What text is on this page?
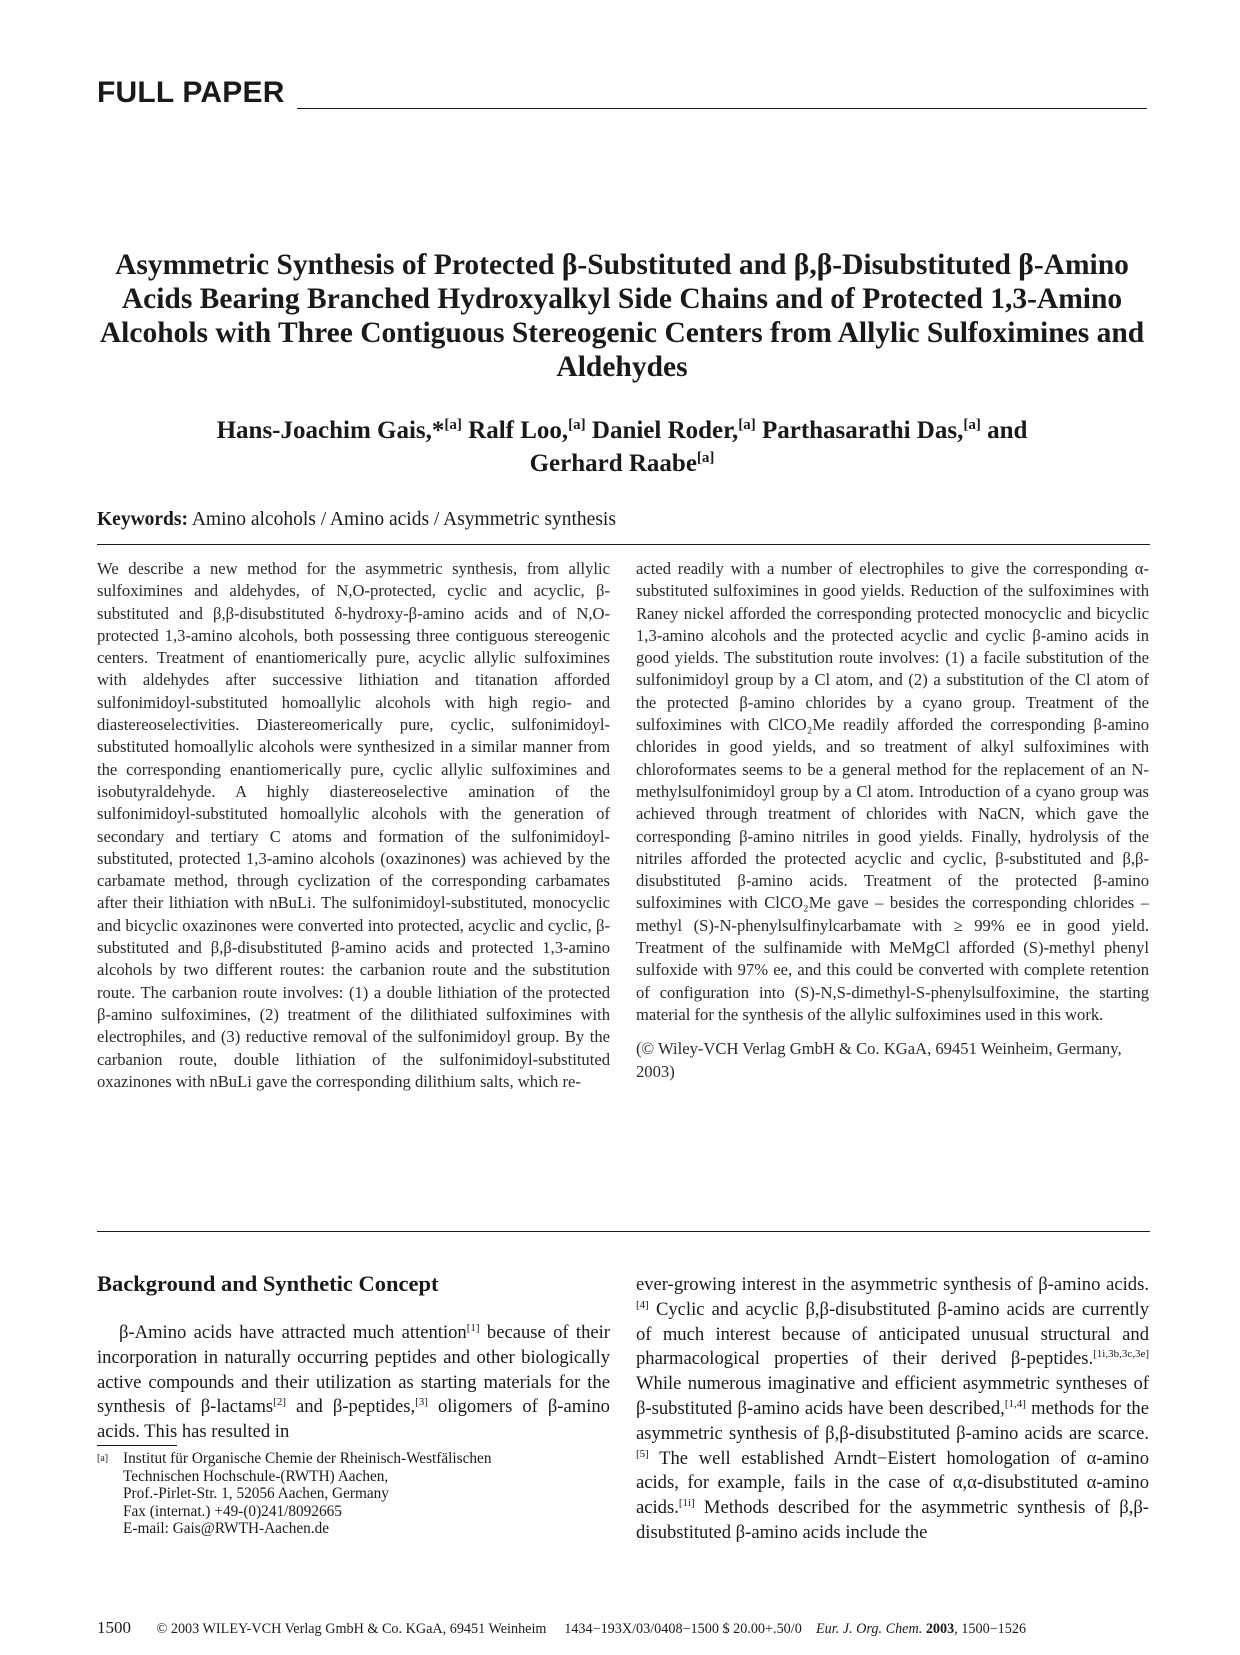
FULL PAPER
Asymmetric Synthesis of Protected β-Substituted and β,β-Disubstituted β-Amino Acids Bearing Branched Hydroxyalkyl Side Chains and of Protected 1,3-Amino Alcohols with Three Contiguous Stereogenic Centers from Allylic Sulfoximines and Aldehydes
Hans-Joachim Gais,*[a] Ralf Loo,[a] Daniel Roder,[a] Parthasarathi Das,[a] and
Gerhard Raabe[a]
Keywords: Amino alcohols / Amino acids / Asymmetric synthesis

We describe a new method for the asymmetric synthesis, from allylic sulfoximines and aldehydes, of N,O-protected, cyclic and acyclic, β-substituted and β,β-disubstituted δ-hydroxy-β-amino acids and of N,O-protected 1,3-amino alcohols, both possessing three contiguous stereogenic centers. Treatment of enantiomerically pure, acyclic allylic sulfoximines with aldehydes after successive lithiation and titanation afforded sulfonimidoyl-substituted homoallylic alcohols with high regio- and diastereoselectivities. Diastereomerically pure, cyclic, sulfonimidoyl-substituted homoallylic alcohols were synthesized in a similar manner from the corresponding enantiomerically pure, cyclic allylic sulfoximines and isobutyraldehyde. A highly diastereoselective amination of the sulfonimidoyl-substituted homoallylic alcohols with the generation of secondary and tertiary C atoms and formation of the sulfonimidoyl-substituted, protected 1,3-amino alcohols (oxazinones) was achieved by the carbamate method, through cyclization of the corresponding carbamates after their lithiation with nBuLi. The sulfonimidoyl-substituted, monocyclic and bicyclic oxazinones were converted into protected, acyclic and cyclic, β-substituted and β,β-disubstituted β-amino acids and protected 1,3-amino alcohols by two different routes: the carbanion route and the substitution route. The carbanion route involves: (1) a double lithiation of the protected β-amino sulfoximines, (2) treatment of the dilithiated sulfoximines with electrophiles, and (3) reductive removal of the sulfonimidoyl group. By the carbanion route, double lithiation of the sulfonimidoyl-substituted oxazinones with nBuLi gave the corresponding dilithium salts, which re-

acted readily with a number of electrophiles to give the corresponding α-substituted sulfoximines in good yields. Reduction of the sulfoximines with Raney nickel afforded the corresponding protected monocyclic and bicyclic 1,3-amino alcohols and the protected acyclic and cyclic β-amino acids in good yields. The substitution route involves: (1) a facile substitution of the sulfonimidoyl group by a Cl atom, and (2) a substitution of the Cl atom of the protected β-amino chlorides by a cyano group. Treatment of the sulfoximines with ClCO₂Me readily afforded the corresponding β-amino chlorides in good yields, and so treatment of alkyl sulfoximines with chloroformates seems to be a general method for the replacement of an N-methylsulfonimidoyl group by a Cl atom. Introduction of a cyano group was achieved through treatment of chlorides with NaCN, which gave the corresponding β-amino nitriles in good yields. Finally, hydrolysis of the nitriles afforded the protected acyclic and cyclic, β-substituted and β,β-disubstituted β-amino acids. Treatment of the protected β-amino sulfoximines with ClCO₂Me gave – besides the corresponding chlorides – methyl (S)-N-phenylsulfinylcarbamate with ≥ 99% ee in good yield. Treatment of the sulfinamide with MeMgCl afforded (S)-methyl phenyl sulfoxide with 97% ee, and this could be converted with complete retention of configuration into (S)-N,S-dimethyl-S-phenylsulfoximine, the starting material for the synthesis of the allylic sulfoximines used in this work.

(© Wiley-VCH Verlag GmbH & Co. KGaA, 69451 Weinheim, Germany, 2003)

Background and Synthetic Concept

β-Amino acids have attracted much attention[1] because of their incorporation in naturally occurring peptides and other biologically active compounds and their utilization as starting materials for the synthesis of β-lactams[2] and β-peptides,[3] oligomers of β-amino acids. This has resulted in

ever-growing interest in the asymmetric synthesis of β-amino acids.[4] Cyclic and acyclic β,β-disubstituted β-amino acids are currently of much interest because of anticipated unusual structural and pharmacological properties of their derived β-peptides.[1i,3b,3c,3e] While numerous imaginative and efficient asymmetric syntheses of β-substituted β-amino acids have been described,[1,4] methods for the asymmetric synthesis of β,β-disubstituted β-amino acids are scarce.[5] The well established Arndt−Eistert homologation of α-amino acids, for example, fails in the case of α,α-disubstituted α-amino acids.[1i] Methods described for the asymmetric synthesis of β,β-disubstituted β-amino acids include the

[a] Institut für Organische Chemie der Rheinisch-Westfälischen
Technischen Hochschule-(RWTH) Aachen,
Prof.-Pirlet-Str. 1, 52056 Aachen, Germany
Fax (internat.) +49-(0)241/8092665
E-mail: Gais@RWTH-Aachen.de
1500 © 2003 WILEY-VCH Verlag GmbH & Co. KGaA, 69451 Weinheim 1434−193X/03/0408−1500 $ 20.00+.50/0 Eur. J. Org. Chem. 2003, 1500−1526
